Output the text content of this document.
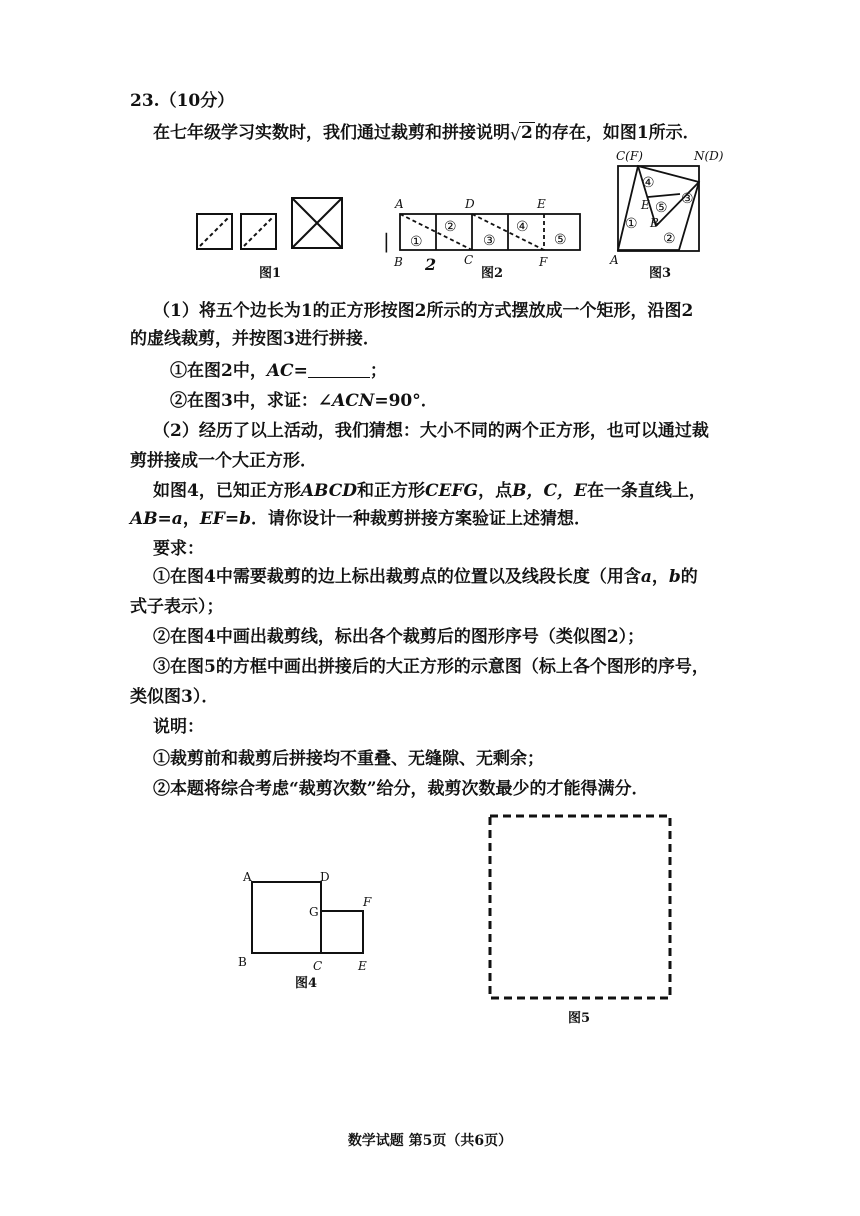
23.（10分）
在七年级学习实数时，我们通过裁剪和拼接说明 √ 2 的存在，如图1所示．
（1）将五个边长为1的正方形按图2所示的方式摆放成一个矩形，沿图2
的虚线裁剪，并按图3进行拼接．
①在图2中，AC=	；
②在图3中，求证：∠ACN=90°．
（2）经历了以上活动，我们猜想：大小不同的两个正方形，也可以通过裁
剪拼接成一个大正方形．
如图4，已知正方形ABCD和正方形CEFG，点B，C，E在一条直线上，
AB=a，EF=b．请你设计一种裁剪拼接方案验证上述猜想．
要求：
①在图4中需要裁剪的边上标出裁剪点的位置以及线段长度（用含a，b的
式子表示）；
②在图4中画出裁剪线，标出各个裁剪后的图形序号（类似图2）；
③在图5的方框中画出拼接后的大正方形的示意图（标上各个图形的序号，
类似图3）．
说明：
①裁剪前和裁剪后拼接均不重叠、无缝隙、无剩余；
②本题将综合考虑“裁剪次数”给分，裁剪次数最少的才能得满分．
图1
|
A	D	E
B 2 C	F
①
②
③
④
⑤
图2
C(F)	N(D)
A
E
B
①
②
③
④
⑤
图3
A	D
G
F
B	C	E
图4
图5
数学试题 第5页（共6页）
